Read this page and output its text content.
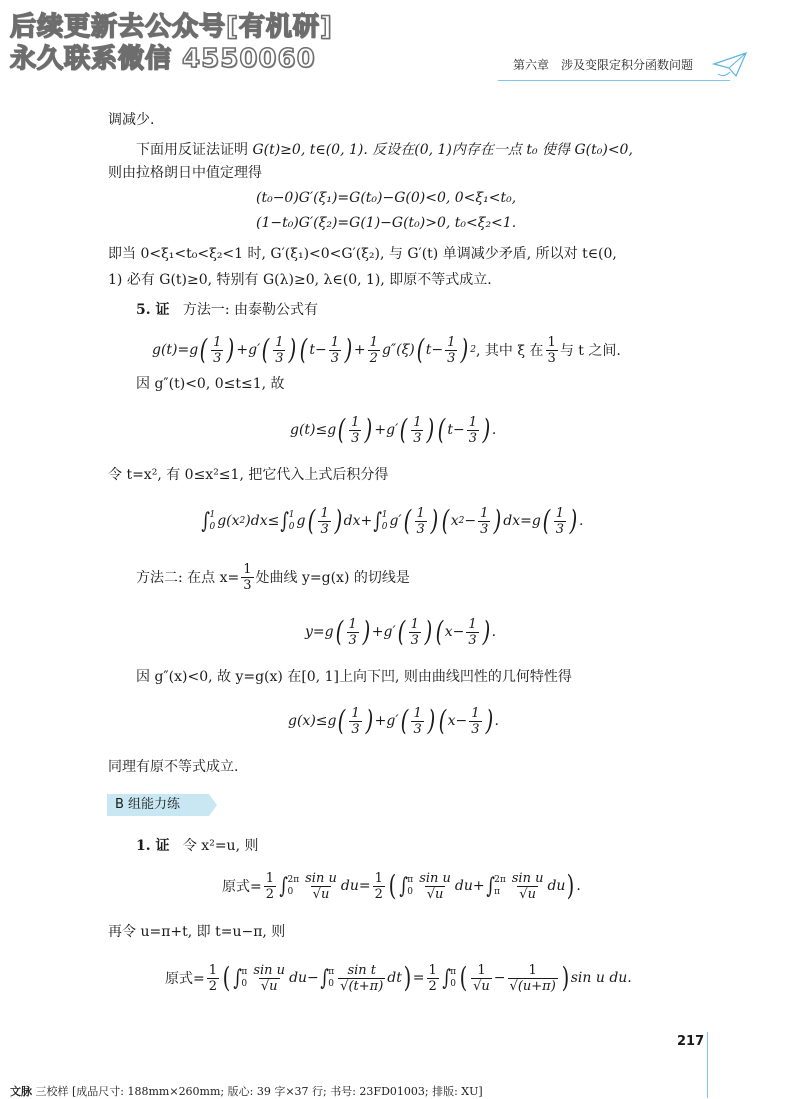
后续更新去公众号[有机研]
永久联系微信 4550060	第六章　涉及变限定积分函数问题
调减少.
下面用反证法证明 G(t)≥0, t∈(0, 1). 反设在(0, 1)内存在一点 t₀ 使得 G(t₀)<0,
则由拉格朗日中值定理得
(t₀−0)G′(ξ₁)=G(t₀)−G(0)<0, 0<ξ₁<t₀,
(1−t₀)G′(ξ₂)=G(1)−G(t₀)>0, t₀<ξ₂<1.
即当 0<ξ₁<t₀<ξ₂<1 时, G′(ξ₁)<0<G′(ξ₂), 与 G′(t) 单调减少矛盾, 所以对 t∈(0,
1) 必有 G(t)≥0, 特别有 G(λ)≥0, λ∈(0, 1), 即原不等式成立.
5. 证 方法一: 由泰勒公式有
g(t)=g ( $\frac{1}{3}$ ) +g′ ( $\frac{1}{3}$ ) ( $t- \frac{1}{3}$ ) + $\frac{1}{2} g''(\xi)$ ( $t- \frac{1}{3}$ ) 2 , 其中 ξ 在 $\frac{1}{3}$ 与 t 之间.
因 g″(t)<0, 0≤t≤1, 故
g(t)≤g ( $\frac{1}{3}$ ) +g′ ( $\frac{1}{3}$ ) ( $t- \frac{1}{3}$ ) .
令 t=x², 有 0≤x²≤1, 把它代入上式后积分得
∫ 1
0 g(x 2 )dx≤ ∫ 1
0 g ( $\frac{1}{3}$ ) dx+ ∫ 1
0 g′ ( $\frac{1}{3}$ ) ( x $2 - \frac{1}{3}$ ) dx=g ( $\frac{1}{3}$ ) .
方法二: 在点 $x= \frac{1}{3}$ 处曲线 y=g(x) 的切线是
y=g ( $\frac{1}{3}$ ) +g′ ( $\frac{1}{3}$ ) ( $x- \frac{1}{3}$ ) .
因 g″(x)<0, 故 y=g(x) 在[0, 1]上向下凹, 则由曲线凹性的几何特性得
g(x)≤g ( $\frac{1}{3}$ ) +g′ ( $\frac{1}{3}$ ) ( $x- \frac{1}{3}$ ) .
同理有原不等式成立.
B 组能力练
1. 证 令 x²=u, 则
原式= $\frac{1}{2}$ ∫ 2π
$0 \frac{\text{sin u}}{√u}$ du = $\frac{1}{2}$ ( ∫ π
$0 \frac{\text{sin u}}{√u}$ du + ∫ 2π
π $\frac{\text{sin u}}{√u}$ du ) .
再令 u=π+t, 即 t=u−π, 则
原式= $\frac{1}{2}$ ( ∫ π
$0 \frac{\text{sin u}}{√u}$ du − ∫ π
$0 \frac{\text{sin t}}{√(t+\pi)}$ dt ) = $\frac{1}{2}$ ∫ π
0 ( $\frac{1}{√u} - \frac{1}{√(u+\pi)}$ ) sin u du .
217
文脉 三校样 [成品尺寸: 188mm×260mm; 版心: 39 字×37 行; 书号: 23FD01003; 排版: XU]
